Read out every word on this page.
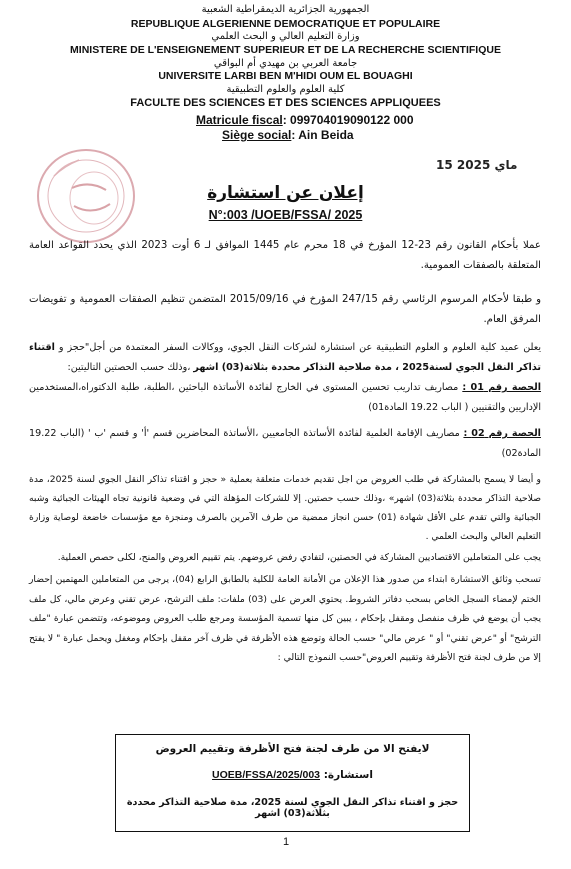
الجمهورية الجزائرية الديمقراطية الشعبية
REPUBLIQUE ALGERIENNE DEMOCRATIQUE ET POPULAIRE
وزارة التعليم العالي و البحث العلمي
MINISTERE DE L'ENSEIGNEMENT SUPERIEUR ET DE LA RECHERCHE SCIENTIFIQUE
جامعة العربي بن مهيدي أم البواقي
UNIVERSITE LARBI BEN M'HIDI OUM EL BOUAGHI
كلية العلوم والعلوم التطبيقية
FACULTE DES SCIENCES ET DES SCIENCES APPLIQUEES
Matricule fiscal: 099704019090122 000
Siège social: Ain Beida
15 ماي 2025
إعلان عن استشارة
N°:003 /UOEB/FSSA/ 2025
عملا بأحكام القانون رقم 23-12 المؤرخ في 18 محرم عام 1445 الموافق لـ 6 أوت 2023 الذي يحدد القواعد العامة المتعلقة بالصفقات العمومية.
و طبقا لأحكام المرسوم الرئاسي رقم 247/15 المؤرخ في 2015/09/16 المتضمن تنظيم الصفقات العمومية و تفويضات المرفق العام.
يعلن عميد كلية العلوم و العلوم التطبيقية عن استشارة لشركات النقل الجوي، ووكالات السفر المعتمدة من أجل"حجز و اقتناء تذاكر النقل الجوي لسنة2025 ، مدة صلاحية التذاكر محددة بثلاثة(03) اشهر ،وذلك حسب الحصتين التاليتين:
الحصة رقم 01 : مصاريف تداريب تحسين المستوى في الخارج لفائدة الأساتذة الباحثين ،الطلبة، طلبة الدكتوراه،المستخدمين الإداريين والتقنيين ( الباب 19.22 المادة01)
الحصة رقم 02 : مصاريف الإقامة العلمية لفائدة الأساتذة الجامعيين ،الأساتذة المحاضرين قسم 'أ' و قسم 'ب ' (الباب 19.22 المادة02)
و أيضا لا يسمح بالمشاركة في طلب العروض من اجل تقديم خدمات متعلقة بعملية « حجز و اقتناء تذاكر النقل الجوي لسنة 2025، مدة صلاحية التذاكر محددة بثلاثة(03) اشهر» ،وذلك حسب حصتين. إلا للشركات المؤهلة التي في وضعية قانونية تجاه الهيئات الجبائية وشبه الجبائية والتي تقدم على الأقل شهادة (01) حسن انجاز ممضية من طرف الآمرين بالصرف ومنجزة مع مؤسسات خاضعة لوصاية وزارة التعليم العالي والبحث العلمي .
يجب على المتعاملين الاقتصاديين المشاركة في الحصتين، لتفادي رفض عروضهم. يتم تقييم العروض والمنح، لكلى حصص العملية.
تسحب وثائق الاستشارة ابتداء من صدور هذا الإعلان من الأمانة العامة للكلية بالطابق الرابع (04)، يرجى من المتعاملين المهتمين إحضار الختم لإمضاء السجل الخاص بسحب دفاتر الشروط. يحتوي العرض على (03) ملفات: ملف الترشح، عرض تقني وعرض مالي، كل ملف يجب أن يوضع في ظرف منفصل ومقفل بإحكام ، يبين كل منها تسمية المؤسسة ومرجع طلب العروض وموضوعه، وتتضمن عبارة "ملف الترشح" أو "عرض تقني" أو " عرض مالي" حسب الحالة وتوضع هذه الأظرفة في ظرف آخر مقفل بإحكام ومغفل ويحمل عبارة " لا يفتح إلا من طرف لجنة فتح الأظرفة وتقييم العروض"حسب النموذج التالي :
لايفتح الا من طرف لجنة فتح الأظرفة وتقييم العروض
استشارة: 003/UOEB/FSSA/2025
حجز و اقتناء تذاكر النقل الجوي لسنة 2025، مدة صلاحية التذاكر محددة بثلاثة(03) اشهر
1
